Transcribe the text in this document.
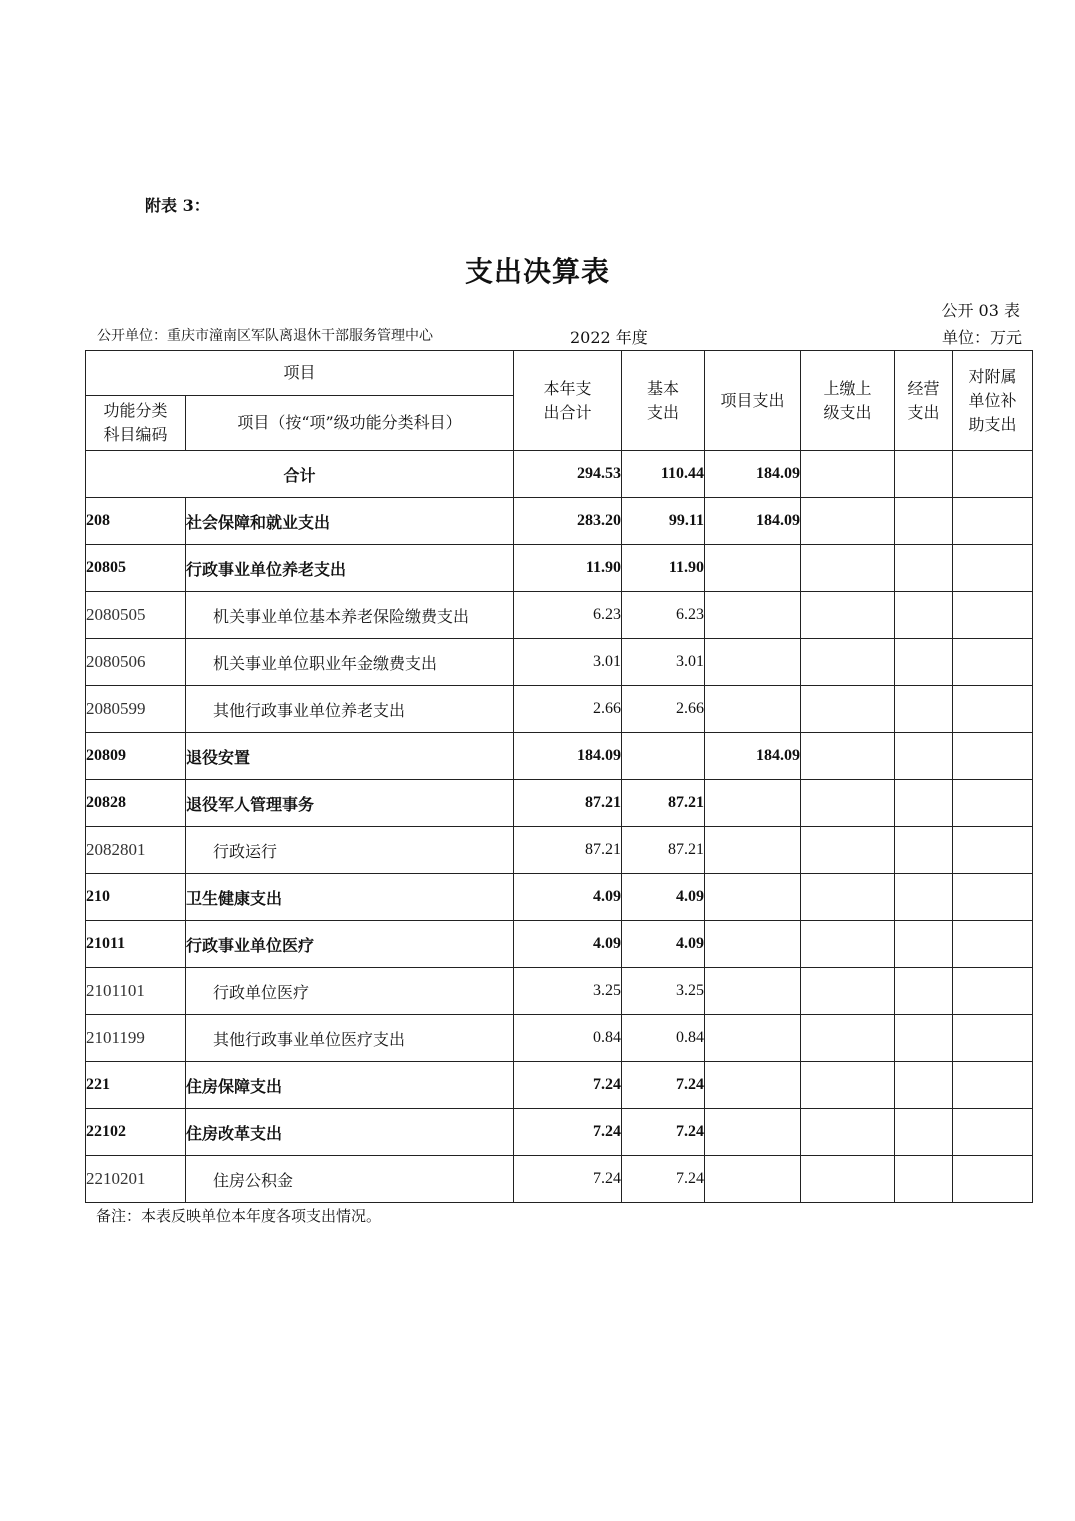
附表 3：
支出决算表
公开 03 表
公开单位：重庆市潼南区军队离退休干部服务管理中心	2022 年度	单位：万元
项目		本年支出合计	基本支出	项目支出	上缴上级支出	经营支出	对附属单位补助支出

功能分类科目编码	项目（按“项”级功能分类科目）						
合计		294.53	110.44	184.09			
208	社会保障和就业支出	283.20	99.11	184.09			
20805	行政事业单位养老支出	11.90	11.90				
2080505	机关事业单位基本养老保险缴费支出	6.23	6.23				
2080506	机关事业单位职业年金缴费支出	3.01	3.01				
2080599	其他行政事业单位养老支出	2.66	2.66				
20809	退役安置	184.09		184.09			
20828	退役军人管理事务	87.21	87.21				
2082801	行政运行	87.21	87.21				
210	卫生健康支出	4.09	4.09				
21011	行政事业单位医疗	4.09	4.09				
2101101	行政单位医疗	3.25	3.25				
2101199	其他行政事业单位医疗支出	0.84	0.84				
221	住房保障支出	7.24	7.24				
22102	住房改革支出	7.24	7.24				
2210201	住房公积金	7.24	7.24				
备注：本表反映单位本年度各项支出情况。
